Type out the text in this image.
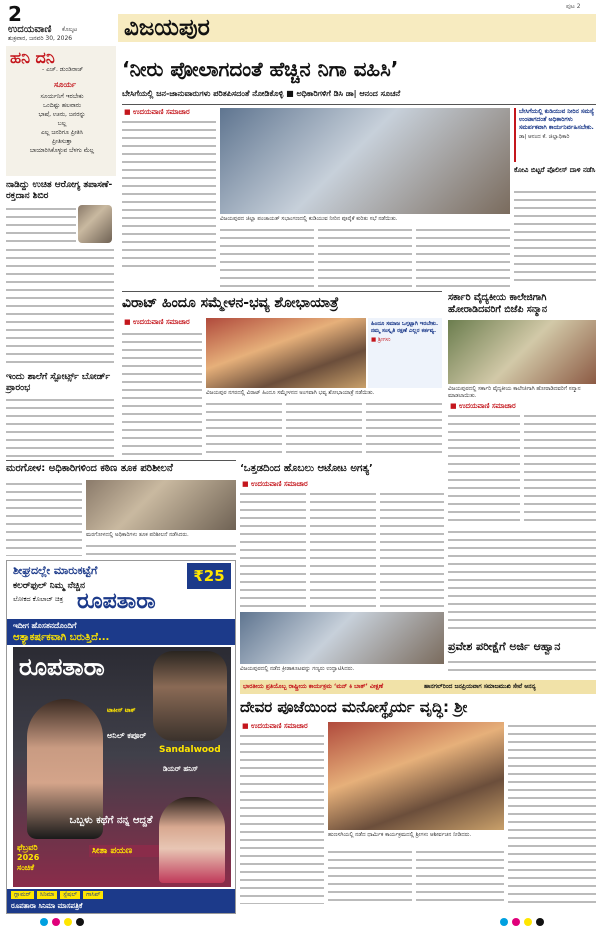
2
ಉದಯವಾಣಿ ಕೊಲ್ಕಟ
ಶುಕ್ರವಾರ, ಜನವರಿ 30, 2026 ವಿಜಯಪುರ
ಪುಟ 2
ಹನಿ ದನಿ
- ಎಚ್‌. ಡುಂಡಿರಾಜ್
ಸೂರ್ಯ
ಸೂರ್ಯನಿಗೆ ಇರಬೇಕು
ಒಂದಿಷ್ಟು ಹಲವಾರು
ಭಾಷೆ, ಊರು, ಜನರನ್ನು
ಬಲ್ಲ
ಎಲ್ಲ ಜನರಿಗೂ ಪ್ರೀತಿಸಿ
ಪ್ರೀತಿಸುತ್ತಾ
ಬಾಯಾರಿಸಿಕೊಳ್ಳುವ ಬೆಳಗು ಮೆಲ್ಲ
ನಾಡಿದ್ದು ಉಚಿತ ಆರೋಗ್ಯ ತಪಾಸಣೆ- ರಕ್ತದಾನ ಶಿಬಿರ
ಇಂದು ಶಾಲೆಗೆ ಸ್ಪೋರ್ಟ್ಸ್ ಬೋರ್ಡ್ ಪ್ರಾರಂಭ
‘ನೀರು ಪೋಲಾಗದಂತೆ ಹೆಚ್ಚಿನ ನಿಗಾ ವಹಿಸಿ’
ಬೇಸಿಗೆಯಲ್ಲಿ ಜನ-ಜಾನುವಾರುಗಳು ಪರಿತಪಿಸದಂತೆ ನೋಡಿಕೊಳ್ಳಿ ■ ಅಧಿಕಾರಿಗಳಿಗೆ ಡಿಸಿ ಡಾ| ಆನಂದ ಸೂಚನೆ
■ ಉದಯವಾಣಿ ಸಮಾಚಾರ
ವಿಜಯಪುರದ ಜಿಲ್ಲಾ ಪಂಚಾಯತ್ ಸಭಾಂಗಣದಲ್ಲಿ ಕುಡಿಯುವ ನೀರಿನ ಪೂರೈಕೆ ಕುರಿತು ಸಭೆ ನಡೆಯಿತು.
ಬೇಸಿಗೆಯಲ್ಲಿ ಕುಡಿಯುವ ನೀರಿನ ಸಮಸ್ಯೆ ಉಂಟಾಗದಂತೆ ಅಧಿಕಾರಿಗಳು ಸಮರ್ಪಕವಾಗಿ ಕಾರ್ಯನಿರ್ವಹಿಸಬೇಕು.
ಡಾ| ಆನಂದ ಕೆ. ಜಿಲ್ಲಾಧಿಕಾರಿ
ಕೋವಿ ಬಿಟ್ಟರೆ ಪೊಲೀಸ್ ದಾಳಿ ನಡೆಸಿ
ವಿರಾಟ್ ಹಿಂದೂ ಸಮ್ಮೇಳನ-ಭವ್ಯ ಶೋಭಾಯಾತ್ರೆ
■ ಉದಯವಾಣಿ ಸಮಾಚಾರ	ಹಿಂದೂ ಸಮಾಜ ಒಗ್ಗಟ್ಟಾಗಿ ಇರಬೇಕು. ನಮ್ಮ ಸಂಸ್ಕೃತಿ ರಕ್ಷಣೆ ಎಲ್ಲರ ಕರ್ತವ್ಯ.
■ ಶ್ರೀಗಳು
ವಿಜಯಪುರ ನಗರದಲ್ಲಿ ವಿರಾಟ್ ಹಿಂದೂ ಸಮ್ಮೇಳನದ ಅಂಗವಾಗಿ ಭವ್ಯ ಶೋಭಾಯಾತ್ರೆ ನಡೆಯಿತು.
ಸರ್ಕಾರಿ ವೈದ್ಯಕೀಯ ಕಾಲೇಜಿಗಾಗಿ ಹೋರಾಡಿದವರಿಗೆ ಬಿಜೆಪಿ ಸನ್ಮಾನ
ವಿಜಯಪುರದಲ್ಲಿ ಸರ್ಕಾರಿ ವೈದ್ಯಕೀಯ ಕಾಲೇಜಿಗಾಗಿ ಹೋರಾಡಿದವರಿಗೆ ಸನ್ಮಾನ ಮಾಡಲಾಯಿತು.
■ ಉದಯವಾಣಿ ಸಮಾಚಾರ
ಮರಗೋಳ: ಅಧಿಕಾರಿಗಳಿಂದ ಕಠಿಣ ತೂಕ ಪರಿಶೀಲನೆ
ಮರಗೋಳದಲ್ಲಿ ಅಧಿಕಾರಿಗಳು ತೂಕ ಪರಿಶೀಲನೆ ನಡೆಸಿದರು.
‘ಒತ್ತಡದಿಂದ ಹೊಬಲು ಆಟೋಟ ಅಗತ್ಯ’
■ ಉದಯವಾಣಿ ಸಮಾಚಾರ
ವಿಜಯಪುರದಲ್ಲಿ ನಡೆದ ಕ್ರೀಡಾಕೂಟವನ್ನು ಗಣ್ಯರು ಉದ್ಘಾಟಿಸಿದರು.
ಪ್ರವೇಶ ಪರೀಕ್ಷೆಗೆ ಅರ್ಜಿ ಆಹ್ವಾನ
ಶೀಘ್ರದಲ್ಲೇ ಮಾರುಕಟ್ಟೆಗೆ	₹25
ಕಲರ್‌ಫುಲ್ ನಿಮ್ಮ ನೆಚ್ಚಿನ
ಲೋಕದ ಕೊಲಾಜ್ ಚಿತ್ರ ರೂಪತಾರಾ
ಇದೀಗ ಹೊಸತನದೊಂದಿಗೆ
ಆತ್ಯಾಕರ್ಷಕವಾಗಿ ಬರುತ್ತಿದೆ...
ರೂಪತಾರಾ
ಟಾಕೀಸ್ ಟಾಕ್
ಅನಿಲ್ ಕಪೂರ್
Sandalwood
ಡಿಯರ್ ಹನಿಸ್
ಒಬ್ಬಳು ಕಥೆಗೆ ನನ್ನ ಆದ್ದತೆ
ಸೀತಾ ಪಯಣ
ಫೆಬ್ರವರಿ 2026 ಸಂಚಿಕೆ
ಗ್ಲಾಮರ್	ಸಿನಿಮಾ	ಸ್ಪೆಷಲ್	ಗಾಸಿಪ್
ರೂಪತಾರಾ ಸಿನಿಮಾ ಮಾಸಪತ್ರಿಕೆ
ಭಾರತೀಯ ಪ್ರತಿಯೊಬ್ಬ ರಾಷ್ಟ್ರೀಯ ಕಾರ್ಯಕ್ರಮ ‘ಮನ್ ಕಿ ಬಾತ್’ ವೀಕ್ಷಣೆ	ಹಾನಗಲ್‌ರಿಂದ ಜನಪ್ರಿಯವಾಗ ಸಮಾಜಮುಖಿ ಸೇವೆ ಅನನ್ಯ
ದೇವರ ಪೂಜೆಯಿಂದ ಮನೋಸ್ಥೈರ್ಯ ವೃದ್ಧಿ: ಶ್ರೀ
■ ಉದಯವಾಣಿ ಸಮಾಚಾರ
ಹುಣಸಗಿಯಲ್ಲಿ ನಡೆದ ಧಾರ್ಮಿಕ ಕಾರ್ಯಕ್ರಮದಲ್ಲಿ ಶ್ರೀಗಳು ಆಶೀರ್ವಚನ ನೀಡಿದರು.
